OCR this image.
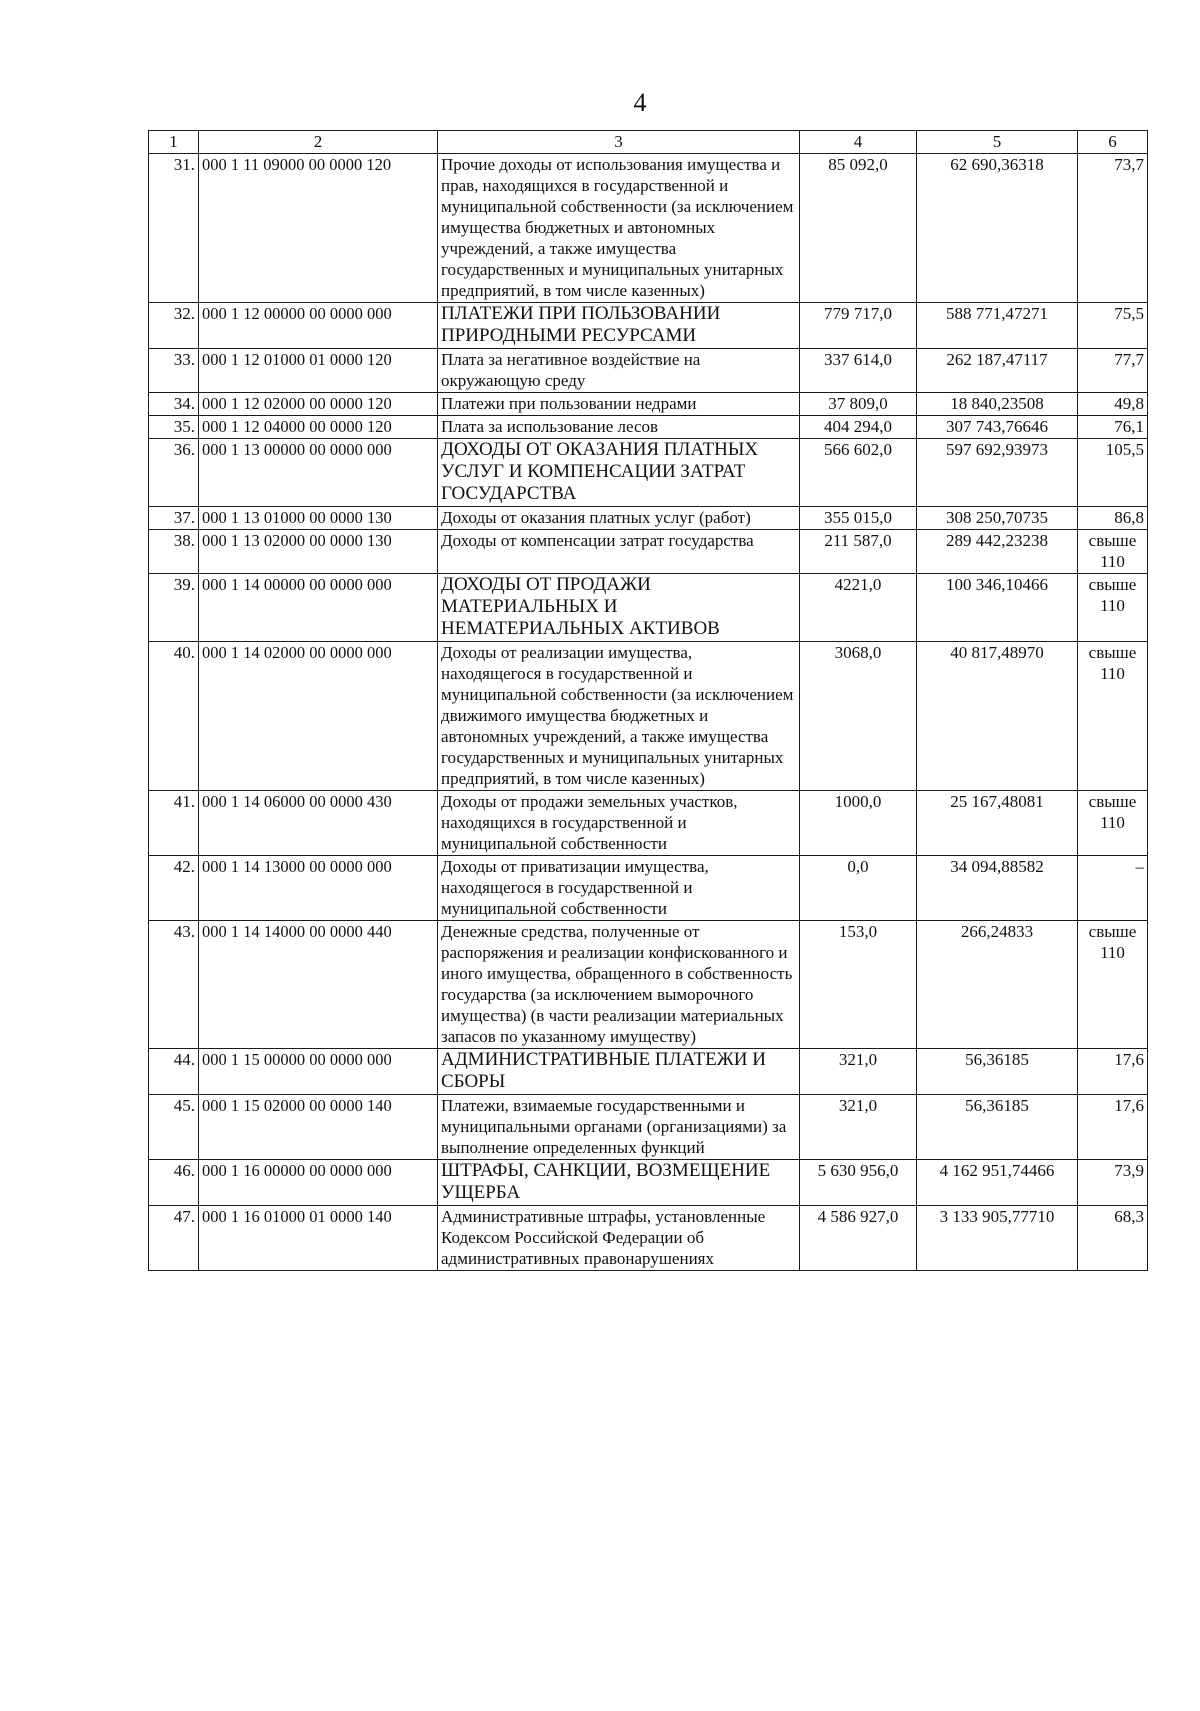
4
1	2	3	4	5	6
31.	000 1 11 09000 00 0000 120	Прочие доходы от использования имущества и прав, находящихся в государственной и муниципальной собственности (за исключением имущества бюджетных и автономных учреждений, а также имущества государственных и муниципальных унитарных предприятий, в том числе казенных)	85 092,0	62 690,36318	73,7
32.	000 1 12 00000 00 0000 000	ПЛАТЕЖИ ПРИ ПОЛЬЗОВАНИИ ПРИРОДНЫМИ РЕСУРСАМИ	779 717,0	588 771,47271	75,5
33.	000 1 12 01000 01 0000 120	Плата за негативное воздействие на окружающую среду	337 614,0	262 187,47117	77,7
34.	000 1 12 02000 00 0000 120	Платежи при пользовании недрами	37 809,0	18 840,23508	49,8
35.	000 1 12 04000 00 0000 120	Плата за использование лесов	404 294,0	307 743,76646	76,1
36.	000 1 13 00000 00 0000 000	ДОХОДЫ ОТ ОКАЗАНИЯ ПЛАТНЫХ УСЛУГ И КОМПЕНСАЦИИ ЗАТРАТ ГОСУДАРСТВА	566 602,0	597 692,93973	105,5
37.	000 1 13 01000 00 0000 130	Доходы от оказания платных услуг (работ)	355 015,0	308 250,70735	86,8
38.	000 1 13 02000 00 0000 130	Доходы от компенсации затрат государства	211 587,0	289 442,23238	свыше 110
39.	000 1 14 00000 00 0000 000	ДОХОДЫ ОТ ПРОДАЖИ МАТЕРИАЛЬНЫХ И НЕМАТЕРИАЛЬНЫХ АКТИВОВ	4221,0	100 346,10466	свыше 110
40.	000 1 14 02000 00 0000 000	Доходы от реализации имущества, находящегося в государственной и муниципальной собственности (за исключением движимого имущества бюджетных и автономных учреждений, а также имущества государственных и муниципальных унитарных предприятий, в том числе казенных)	3068,0	40 817,48970	свыше 110
41.	000 1 14 06000 00 0000 430	Доходы от продажи земельных участков, находящихся в государственной и муниципальной собственности	1000,0	25 167,48081	свыше 110
42.	000 1 14 13000 00 0000 000	Доходы от приватизации имущества, находящегося в государственной и муниципальной собственности	0,0	34 094,88582	–
43.	000 1 14 14000 00 0000 440	Денежные средства, полученные от распоряжения и реализации конфискованного и иного имущества, обращенного в собственность государства (за исключением выморочного имущества) (в части реализации материальных запасов по указанному имуществу)	153,0	266,24833	свыше 110
44.	000 1 15 00000 00 0000 000	АДМИНИСТРАТИВНЫЕ ПЛАТЕЖИ И СБОРЫ	321,0	56,36185	17,6
45.	000 1 15 02000 00 0000 140	Платежи, взимаемые государственными и муниципальными органами (организациями) за выполнение определенных функций	321,0	56,36185	17,6
46.	000 1 16 00000 00 0000 000	ШТРАФЫ, САНКЦИИ, ВОЗМЕЩЕНИЕ УЩЕРБА	5 630 956,0	4 162 951,74466	73,9
47.	000 1 16 01000 01 0000 140	Административные штрафы, установленные Кодексом Российской Федерации об административных правонарушениях	4 586 927,0	3 133 905,77710	68,3
